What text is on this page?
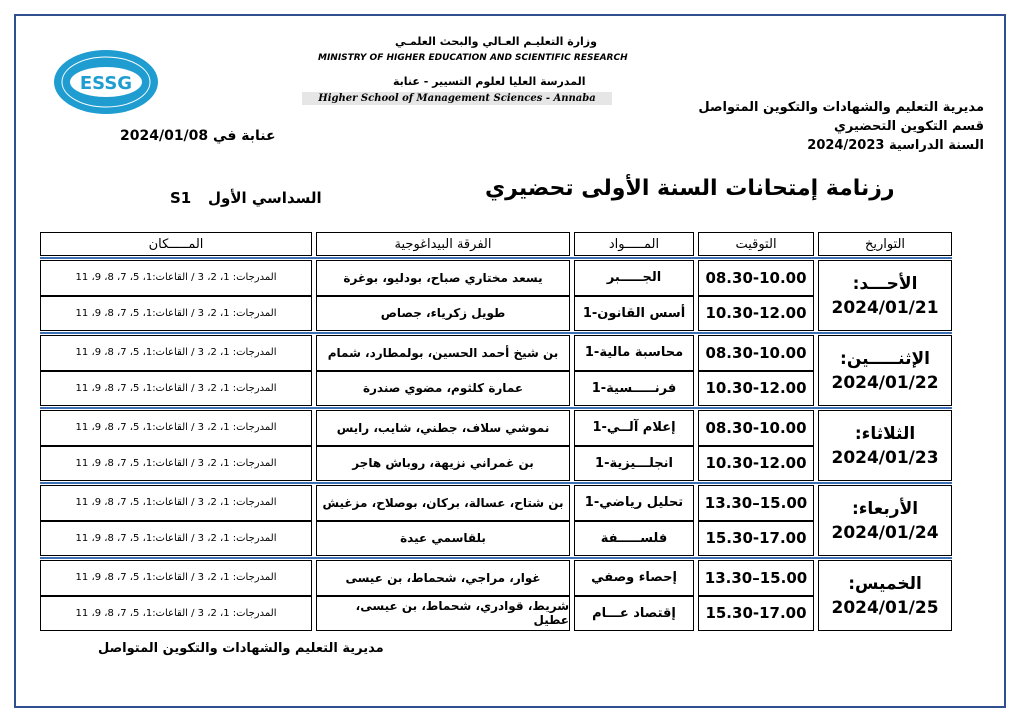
ESSG
وزارة التعليـم العـالي والبحث العلمـي
MINISTRY OF HIGHER EDUCATION AND SCIENTIFIC RESEARCH
المدرسة العليا لعلوم التسيير - عنابة
Higher School of Management Sciences - Annaba
مديرية التعليم والشهادات والتكوين المتواصل
قسم التكوين التحضيري
السنة الدراسية 2024/2023
عنابة في 2024/01/08
رزنامة إمتحانات السنة الأولى تحضيري
السداسي الأول
S1
التواريخ
التوقيت
المـــــواد
الفرقة البيداغوجية
المـــــكان
الأحـــد:
2024/01/21
08.30-10.00
الجـــــبر
يسعد مختاري صباح، بودليو، بوغرة
المدرجات: 1، 2، 3 / القاعات:1، 5، 7، 8، 9، 11
10.30-12.00
أسس القانون-1
طويل زكرياء، جصاص
المدرجات: 1، 2، 3 / القاعات:1، 5، 7، 8، 9، 11
الإثنـــــين:
2024/01/22
08.30-10.00
محاسبة مالية-1
بن شيخ أحمد الحسين، بولمطارد، شمام
المدرجات: 1، 2، 3 / القاعات:1، 5، 7، 8، 9، 11
10.30-12.00
فرنـــــسية-1
عمارة كلثوم، مضوي صندرة
المدرجات: 1، 2، 3 / القاعات:1، 5، 7، 8، 9، 11
الثلاثاء:
2024/01/23
08.30-10.00
إعلام آلــي-1
نموشي سلاف، جطني، شايب، رايس
المدرجات: 1، 2، 3 / القاعات:1، 5، 7، 8، 9، 11
10.30-12.00
انجلـــيزية-1
بن غمراني نزيهة، روباش هاجر
المدرجات: 1، 2، 3 / القاعات:1، 5، 7، 8، 9، 11
الأربعاء:
2024/01/24
13.30–15.00
تحليل رياضي-1
بن شتاح، عسالة، بركان، بوصلاح، مزغيش
المدرجات: 1، 2، 3 / القاعات:1، 5، 7، 8، 9، 11
15.30-17.00
فلســـــفة
بلقاسمي عيدة
المدرجات: 1، 2، 3 / القاعات:1، 5، 7، 8، 9، 11
الخميس:
2024/01/25
13.30–15.00
إحصاء وصفي
غوار، مراجي، شحماط، بن عيسى
المدرجات: 1، 2، 3 / القاعات:1، 5، 7، 8، 9، 11
15.30-17.00
إقتصاد عـــام
شريط، قوادري، شحماط، بن عيسى، عطيل
المدرجات: 1، 2، 3 / القاعات:1، 5، 7، 8، 9، 11
مديرية التعليم والشهادات والتكوين المتواصل
